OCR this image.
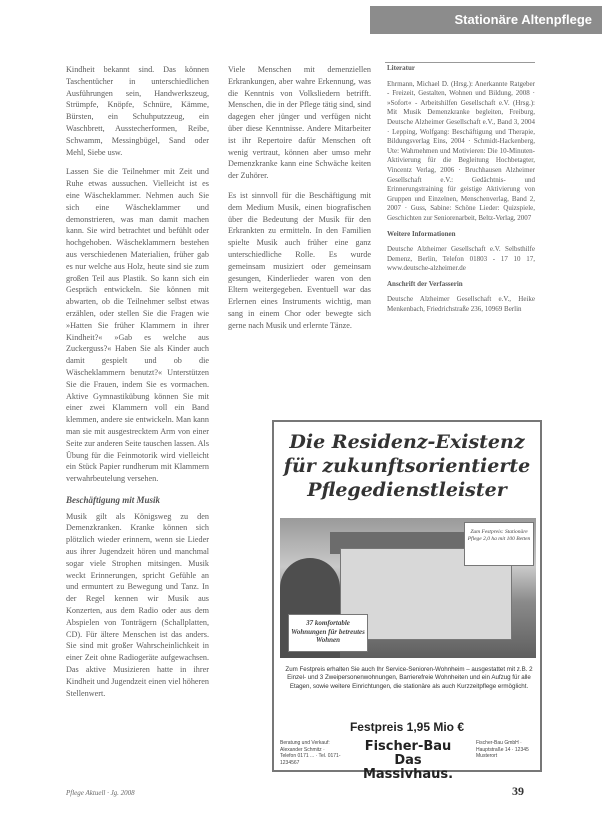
Stationäre Altenpflege

Kindheit bekannt sind. Das können Taschentücher in unterschiedlichen Ausführungen sein, Handwerkszeug, Strümpfe, Knöpfe, Schnüre, Kämme, Bürsten, ein Schuhputzzeug, ein Waschbrett, Ausstecherformen, Reibe, Schwamm, Messingbügel, Sand oder Mehl, Siebe usw.

Lassen Sie die Teilnehmer mit Zeit und Ruhe etwas aussuchen. Vielleicht ist es eine Wäscheklammer. Nehmen auch Sie sich eine Wäscheklammer und demonstrieren, was man damit machen kann. Sie wird betrachtet und befühlt oder hochgehoben. Wäscheklammern bestehen aus verschiedenen Materialien, früher gab es nur welche aus Holz, heute sind sie zum großen Teil aus Plastik. So kann sich ein Gespräch entwickeln. Sie können mit abwarten, ob die Teilnehmer selbst etwas erzählen, oder stellen Sie die Fragen wie »Hatten Sie früher Klammern in ihrer Kindheit?« »Gab es welche aus Zuckerguss?« Haben Sie als Kinder auch damit gespielt und ob die Wäscheklammern benutzt?« Unterstützen Sie die Frauen, indem Sie es vormachen. Aktive Gymnastikübung können Sie mit einer zwei Klammern voll ein Band klemmen, andere sie entwickeln. Man kann man sie mit ausgestrecktem Arm von einer Seite zur anderen Seite tauschen lassen. Als Übung für die Feinmotorik wird vielleicht ein Stück Papier rundherum mit Klammern verwahrbeutelung versehen.

Beschäftigung mit Musik

Musik gilt als Königsweg zu den Demenzkranken. Kranke können sich plötzlich wieder erinnern, wenn sie Lieder aus ihrer Jugendzeit hören und manchmal sogar viele Strophen mitsingen. Musik weckt Erinnerungen, spricht Gefühle an und ermuntert zu Bewegung und Tanz. In der Regel kennen wir Musik aus Konzerten, aus dem Radio oder aus dem Abspielen von Tonträgern (Schallplatten, CD). Für ältere Menschen ist das anders. Sie sind mit großer Wahrscheinlichkeit in einer Zeit ohne Radiogeräte aufgewachsen. Das aktive Musizieren hatte in ihrer Kindheit und Jugendzeit einen viel höheren Stellenwert.

Viele Menschen mit demenziellen Erkrankungen, aber wahre Erkennung, was die Kenntnis von Volksliedern betrifft. Menschen, die in der Pflege tätig sind, sind dagegen eher jünger und verfügen nicht über diese Kenntnisse. Andere Mitarbeiter ist ihr Repertoire dafür Menschen oft wenig vertraut, können aber umso mehr Demenzkranke kann eine Schwäche keiten der Zuhörer.

Es ist sinnvoll für die Beschäftigung mit dem Medium Musik, einen biografischen über die Bedeutung der Musik für den Erkrankten zu ermitteln. In den Familien spielte Musik auch früher eine ganz unterschiedliche Rolle. Es wurde gemeinsam musiziert oder gemeinsam gesungen, Kinderlieder waren von den Eltern weitergegeben. Eventuell war das Erlernen eines Instruments wichtig, man sang in einem Chor oder bewegte sich gerne nach Musik und erlernte Tänze.

Literatur

Ehrmann, Michael D. (Hrsg.): Anerkannte Ratgeber - Freizeit, Gestalten, Wohnen und Bildung, 2008 · »Sofort« - Arbeitshilfen Gesellschaft e.V. (Hrsg.): Mit Musik Demenzkranke begleiten, Freiburg, Deutsche Alzheimer Gesellschaft e.V., Band 3, 2004 · Lepping, Wolfgang: Beschäftigung und Therapie, Bildungsverlag Eins, 2004 · Schmidt-Hackenberg, Ute: Wahrnehmen und Motivieren: Die 10-Minuten-Aktivierung für die Begleitung Hochbetagter, Vincentz Verlag, 2006 · Bruchhausen Alzheimer Gesellschaft e.V.: Gedächtnis- und Erinnerungstraining für geistige Aktivierung von Gruppen und Einzelnen, Menschenverlag, Band 2, 2007 · Guss, Sabine: Schöne Lieder: Quizspiele, Geschichten zur Seniorenarbeit, Beltz-Verlag, 2007

Weitere Informationen

Deutsche Alzheimer Gesellschaft e.V. Selbsthilfe Demenz, Berlin, Telefon 01803 - 17 10 17, www.deutsche-alzheimer.de

Anschrift der Verfasserin

Deutsche Alzheimer Gesellschaft e.V., Heike Menkenbach, Friedrichstraße 236, 10969 Berlin

Die Residenz-Existenz
für zukunftsorientierte
Pflegedienstleister
Zum Festpreis: Stationäre Pflege 2,0 ha mit 100 Betten
37 komfortable Wohnungen für betreutes Wohnen
Zum Festpreis erhalten Sie auch Ihr Service-Senioren-Wohnheim – ausgestattet mit z.B. 2 Einzel- und 3 Zweipersonenwohnungen, Barrierefreie Wohnheiten und ein Aufzug für alle Etagen, sowie weitere Einrichtungen, die stationäre als auch Kurzzeitpflege ermöglicht.
Festpreis 1,95 Mio €
Beratung und Verkauf: Alexander Schmitz · Telefon 0171 ... · Tel. 0171-1234567
Fischer-Bau
Das Massivhaus.
Fischer-Bau GmbH · Hauptstraße 14 · 12345 Musterort
Pflege Aktuell · Jg. 2008	39
